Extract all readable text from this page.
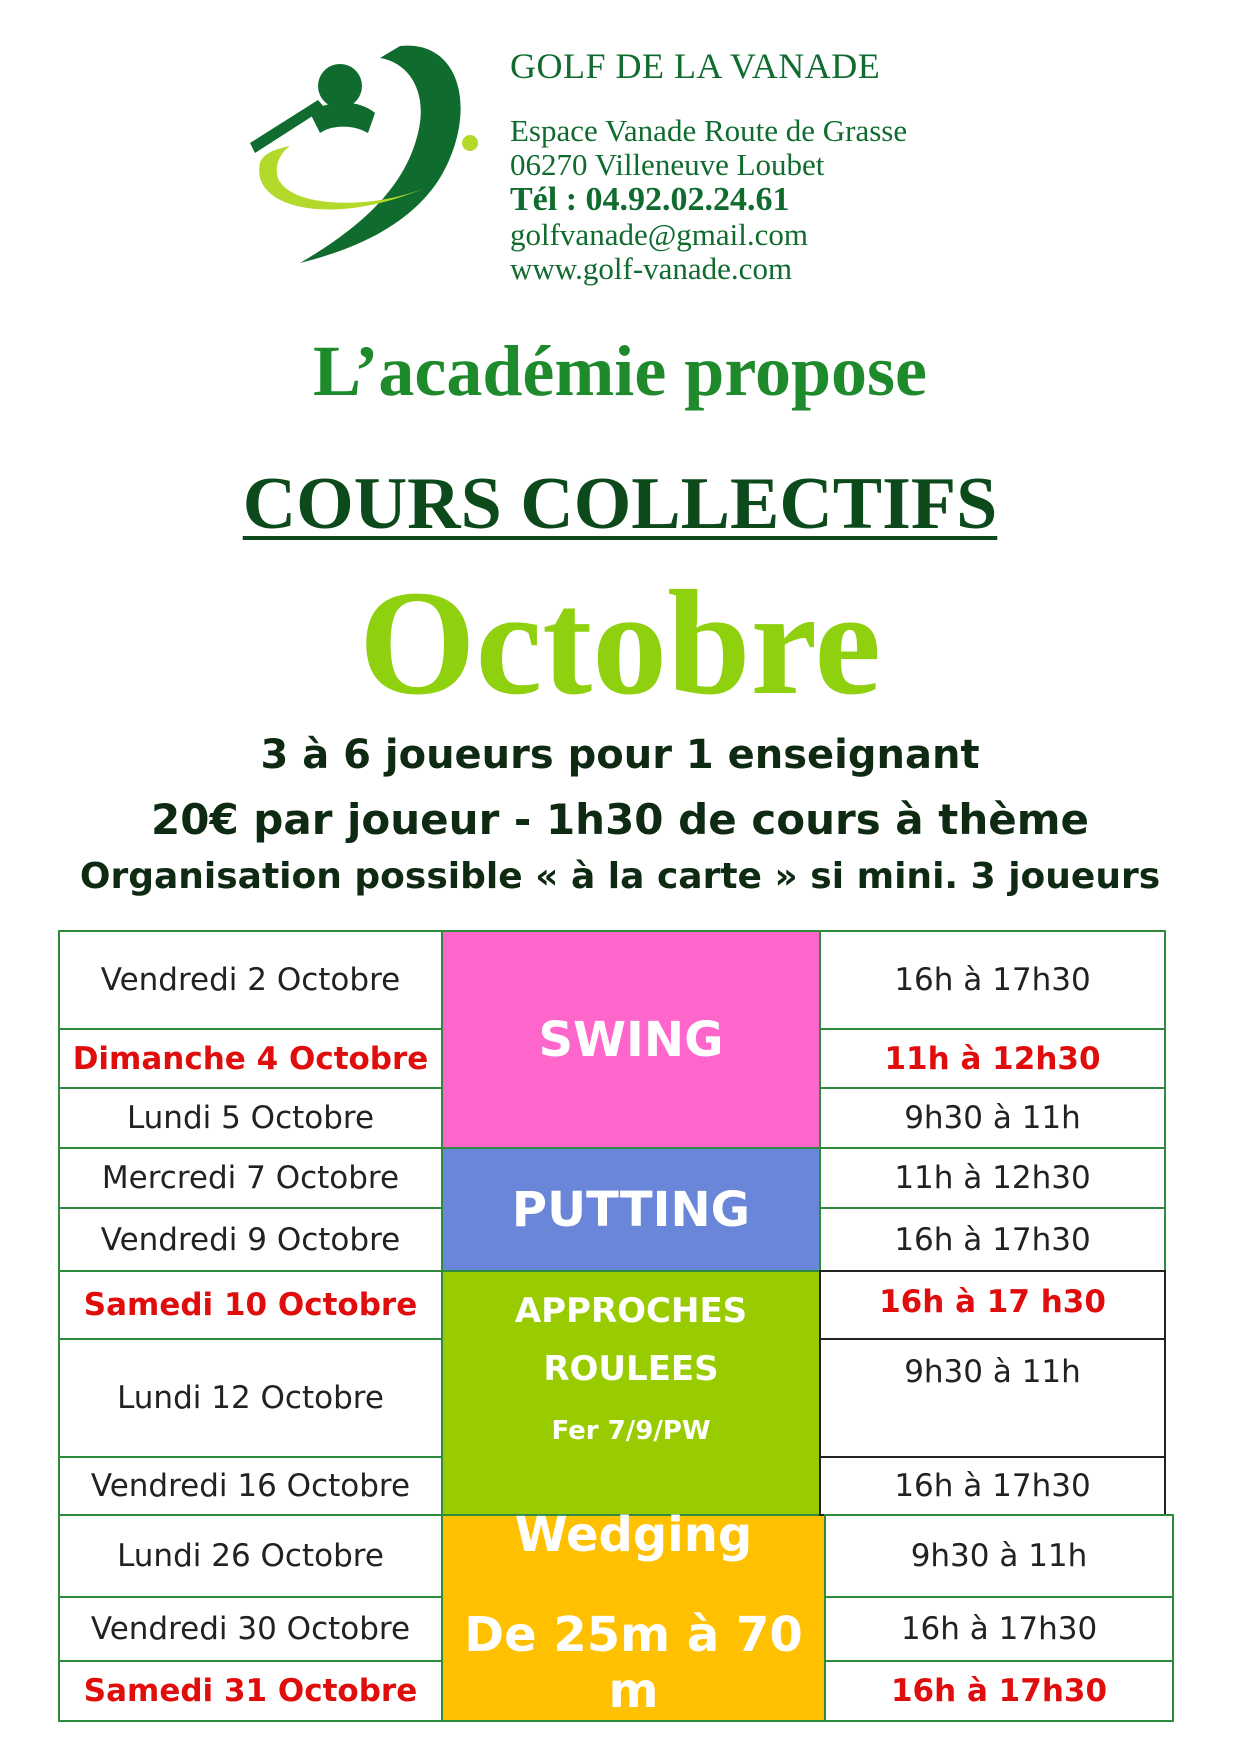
GOLF DE LA VANADE
Espace Vanade Route de Grasse
06270 Villeneuve Loubet
Tél : 04.92.02.24.61
golfvanade@gmail.com
www.golf-vanade.com
L’académie propose
COURS COLLECTIFS
Octobre
3 à 6 joueurs pour 1 enseignant
20€ par joueur - 1h30 de cours à thème
Organisation possible « à la carte » si mini. 3 joueurs
Vendredi 2 Octobre
Dimanche 4 Octobre
Lundi 5 Octobre
Mercredi 7 Octobre
Vendredi 9 Octobre
Samedi 10 Octobre
Lundi 12 Octobre
Vendredi 16 Octobre
Lundi 26 Octobre
Vendredi 30 Octobre
Samedi 31 Octobre
SWING
PUTTING
APPROCHES
ROULEES
Fer 7/9/PW
Wedging
De 25m à 70 m
16h à 17h30
11h à 12h30
9h30 à 11h
11h à 12h30
16h à 17h30
16h à 17 h30
9h30 à 11h
16h à 17h30
9h30 à 11h
16h à 17h30
16h à 17h30
